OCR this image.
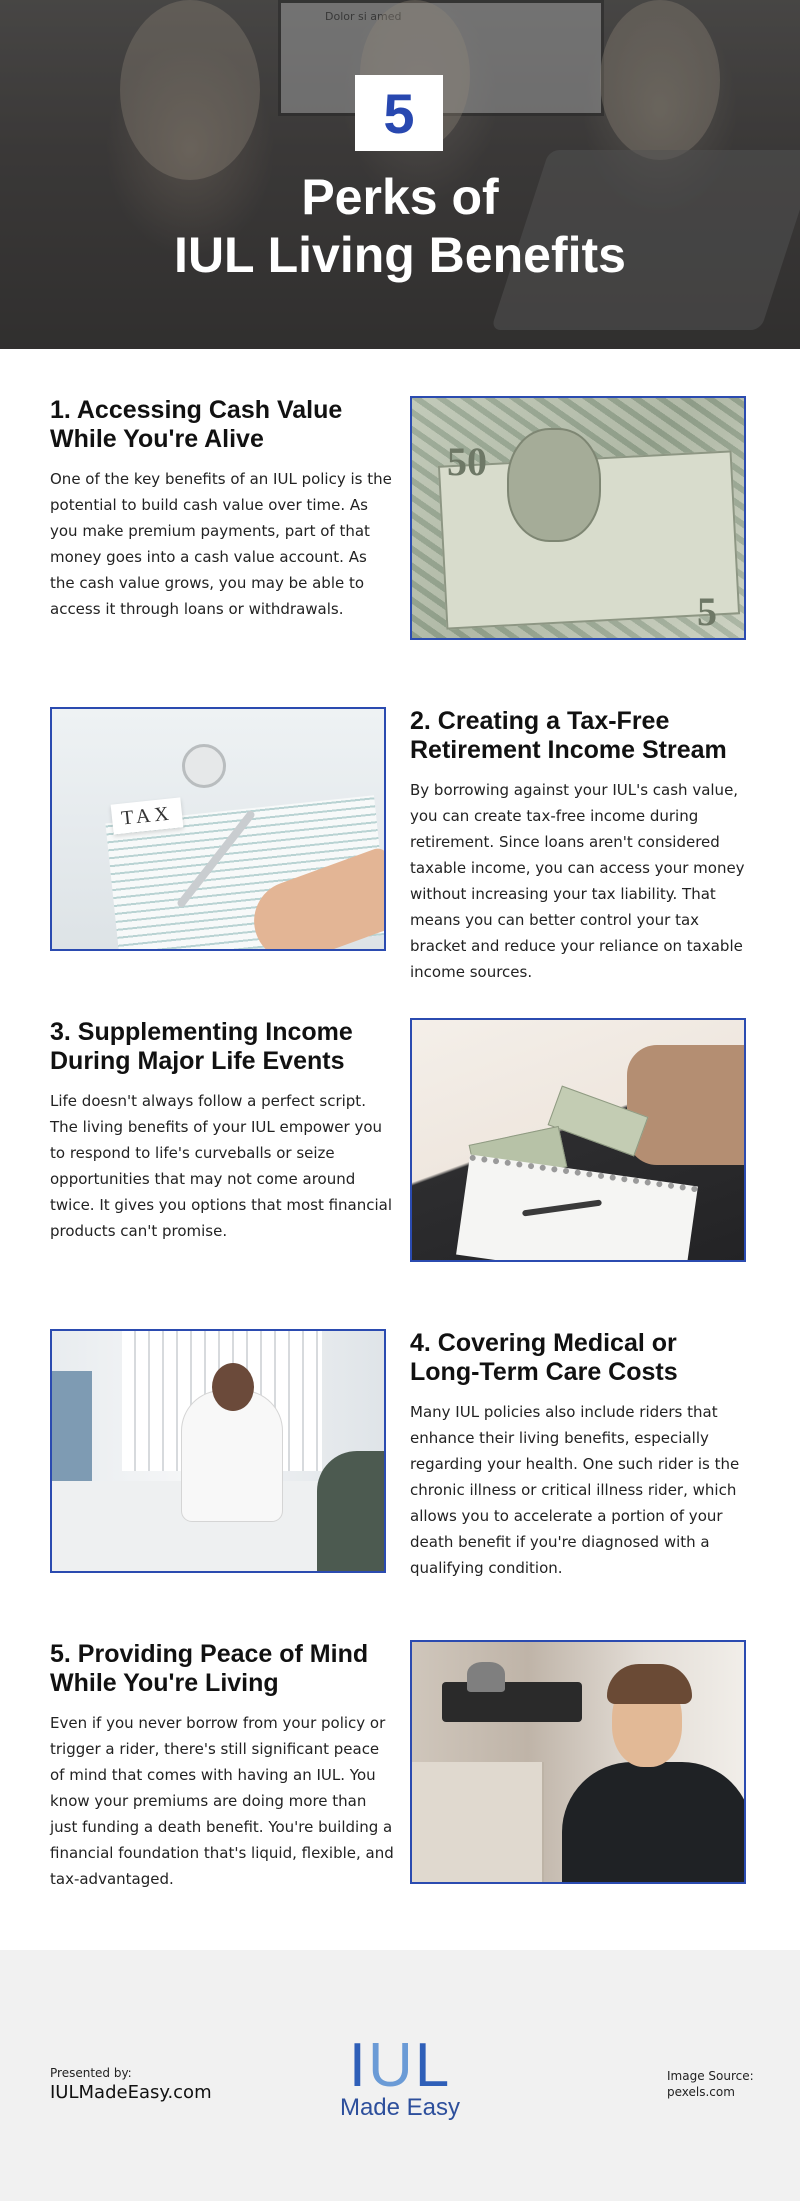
Dolor si amed
5
Perks of
IUL Living Benefits
1. Accessing Cash Value
While You're Alive

One of the key benefits of an IUL policy is the potential to build cash value over time. As you make premium payments, part of that money goes into a cash value account. As the cash value grows, you may be able to access it through loans or withdrawals.

50
5
TAX
2. Creating a Tax-Free
Retirement Income Stream

By borrowing against your IUL's cash value, you can create tax-free income during retirement. Since loans aren't considered taxable income, you can access your money without increasing your tax liability. That means you can better control your tax bracket and reduce your reliance on taxable income sources.

3. Supplementing Income
During Major Life Events

Life doesn't always follow a perfect script. The living benefits of your IUL empower you to respond to life's curveballs or seize opportunities that may not come around twice. It gives you options that most financial products can't promise.

4. Covering Medical or
Long-Term Care Costs

Many IUL policies also include riders that enhance their living benefits, especially regarding your health. One such rider is the chronic illness or critical illness rider, which allows you to accelerate a portion of your death benefit if you're diagnosed with a qualifying condition.

5. Providing Peace of Mind
While You're Living

Even if you never borrow from your policy or trigger a rider, there's still significant peace of mind that comes with having an IUL. You know your premiums are doing more than just funding a death benefit. You're building a financial foundation that's liquid, flexible, and tax-advantaged.

Presented by:
IULMadeEasy.com IUL
Made Easy
Image Source:
pexels.com
